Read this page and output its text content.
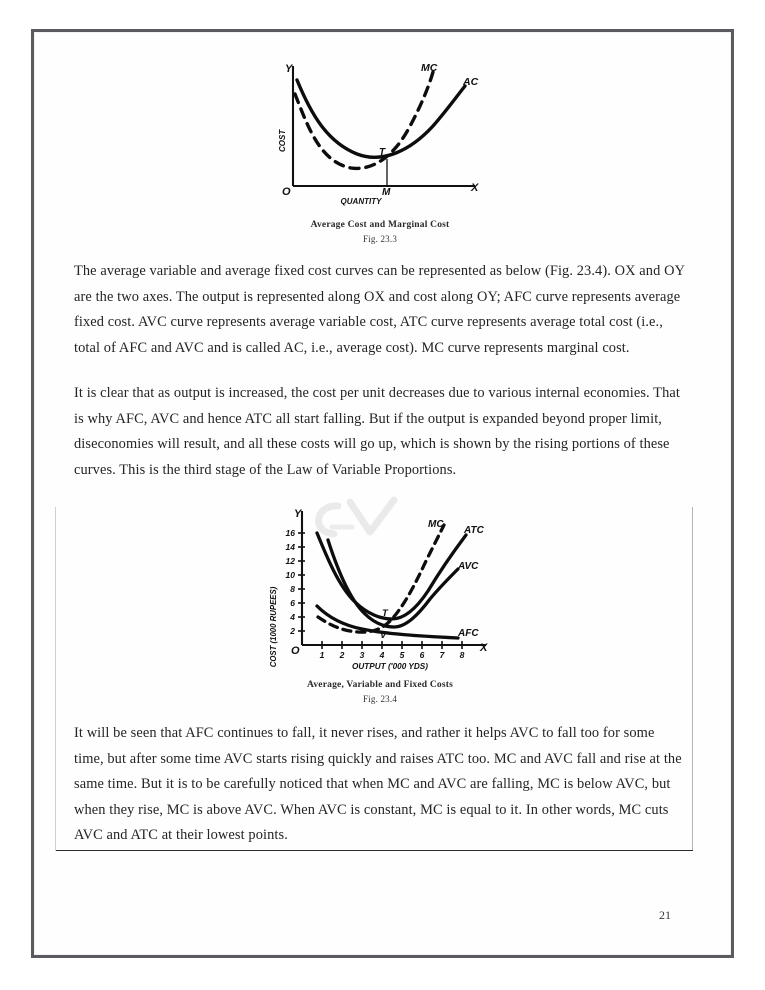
Y
X
O
COST
QUANTITY
M
T
MC
AC
Average Cost and Marginal Cost
Fig. 23.3

The average variable and average fixed cost curves can be represented as below (Fig. 23.4). OX and OY are the two axes. The output is represented along OX and cost along OY; AFC curve represents average fixed cost. AVC curve represents average variable cost, ATC curve represents average total cost (i.e., total of AFC and AVC and is called AC, i.e., average cost). MC curve represents marginal cost.

It is clear that as output is increased, the cost per unit decreases due to various internal economies. That is why AFC, AVC and hence ATC all start falling. But if the output is expanded beyond proper limit, diseconomies will result, and all these costs will go up, which is shown by the rising portions of these curves. This is the third stage of the Law of Variable Proportions.

2
4
6
8
10
12
14
16
1 2 3 4 5 6 7 8
Y
X
O
COST (1000 RUPEES)	OUTPUT ('000 YDS)
T
V
MC
ATC
AVC
AFC
Average, Variable and Fixed Costs
Fig. 23.4

It will be seen that AFC continues to fall, it never rises, and rather it helps AVC to fall too for some time, but after some time AVC starts rising quickly and raises ATC too. MC and AVC fall and rise at the same time. But it is to be carefully noticed that when MC and AVC are falling, MC is below AVC, but when they rise, MC is above AVC. When AVC is constant, MC is equal to it. In other words, MC cuts AVC and ATC at their lowest points.

21
